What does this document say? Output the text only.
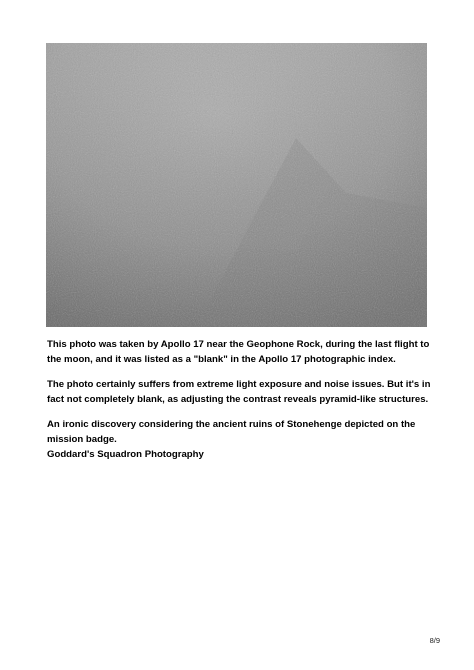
This photo was taken by Apollo 17 near the Geophone Rock, during the last flight to the moon, and it was listed as a "blank" in the Apollo 17 photographic index.

The photo certainly suffers from extreme light exposure and noise issues. But it's in fact not completely blank, as adjusting the contrast reveals pyramid-like structures.

An ironic discovery considering the ancient ruins of Stonehenge depicted on the mission badge.

Goddard's Squadron Photography

8/9
